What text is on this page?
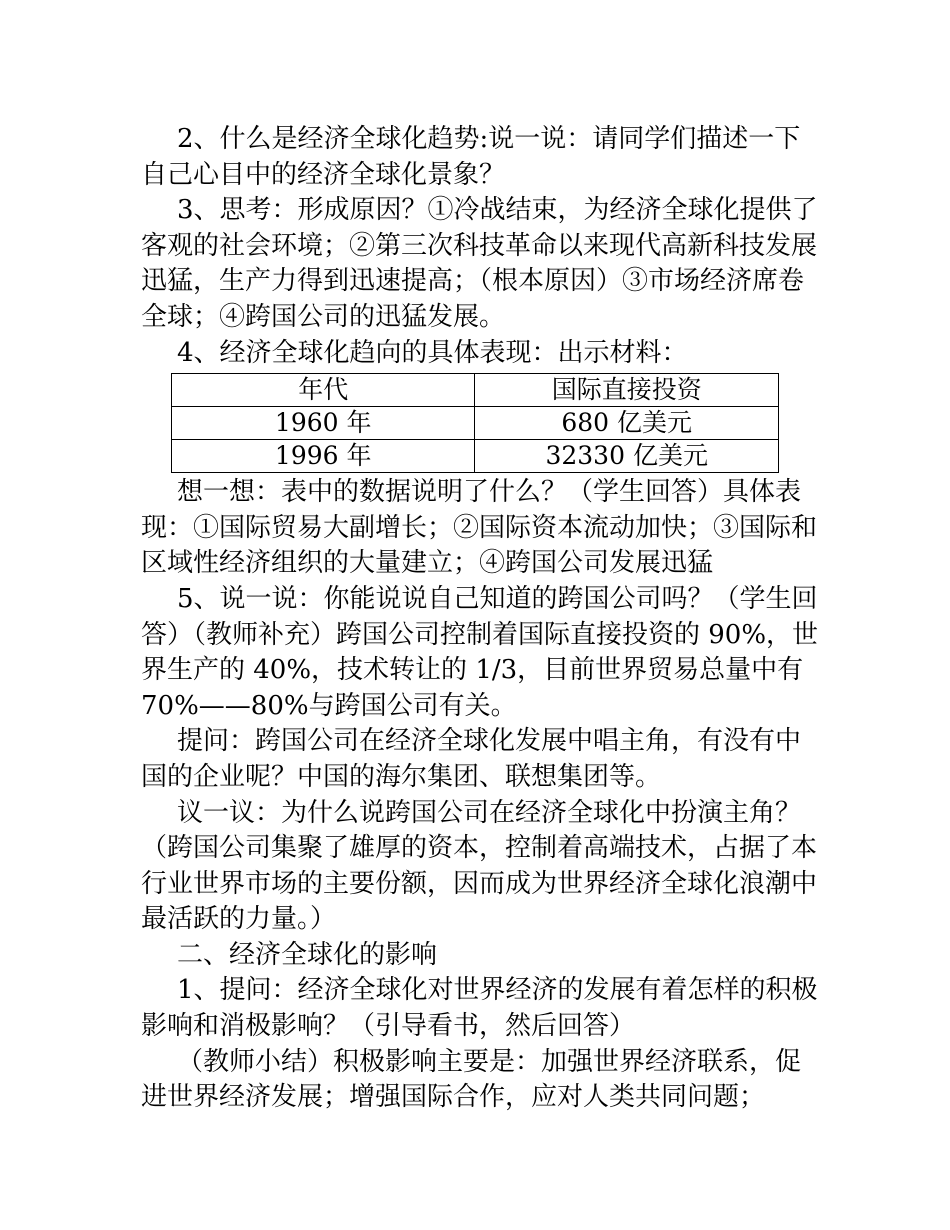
2、什么是经济全球化趋势:说一说：请同学们描述一下自己心目中的经济全球化景象？

3、思考：形成原因？①冷战结束，为经济全球化提供了客观的社会环境；②第三次科技革命以来现代高新科技发展迅猛，生产力得到迅速提高；（根本原因）③市场经济席卷全球；④跨国公司的迅猛发展。

4、经济全球化趋向的具体表现：出示材料：

年代	国际直接投资
1960 年	680 亿美元
1996 年	32330 亿美元

想一想：表中的数据说明了什么？（学生回答）具体表现：①国际贸易大副增长；②国际资本流动加快；③国际和区域性经济组织的大量建立；④跨国公司发展迅猛

5、说一说：你能说说自己知道的跨国公司吗？（学生回答）（教师补充）跨国公司控制着国际直接投资的 90%，世界生产的 40%，技术转让的 1/3，目前世界贸易总量中有 70%——80%与跨国公司有关。

提问：跨国公司在经济全球化发展中唱主角，有没有中国的企业呢？中国的海尔集团、联想集团等。

议一议：为什么说跨国公司在经济全球化中扮演主角？（跨国公司集聚了雄厚的资本，控制着高端技术，占据了本行业世界市场的主要份额，因而成为世界经济全球化浪潮中最活跃的力量。）

二、经济全球化的影响

1、提问：经济全球化对世界经济的发展有着怎样的积极影响和消极影响？（引导看书，然后回答）

（教师小结）积极影响主要是：加强世界经济联系，促进世界经济发展；增强国际合作，应对人类共同问题；
